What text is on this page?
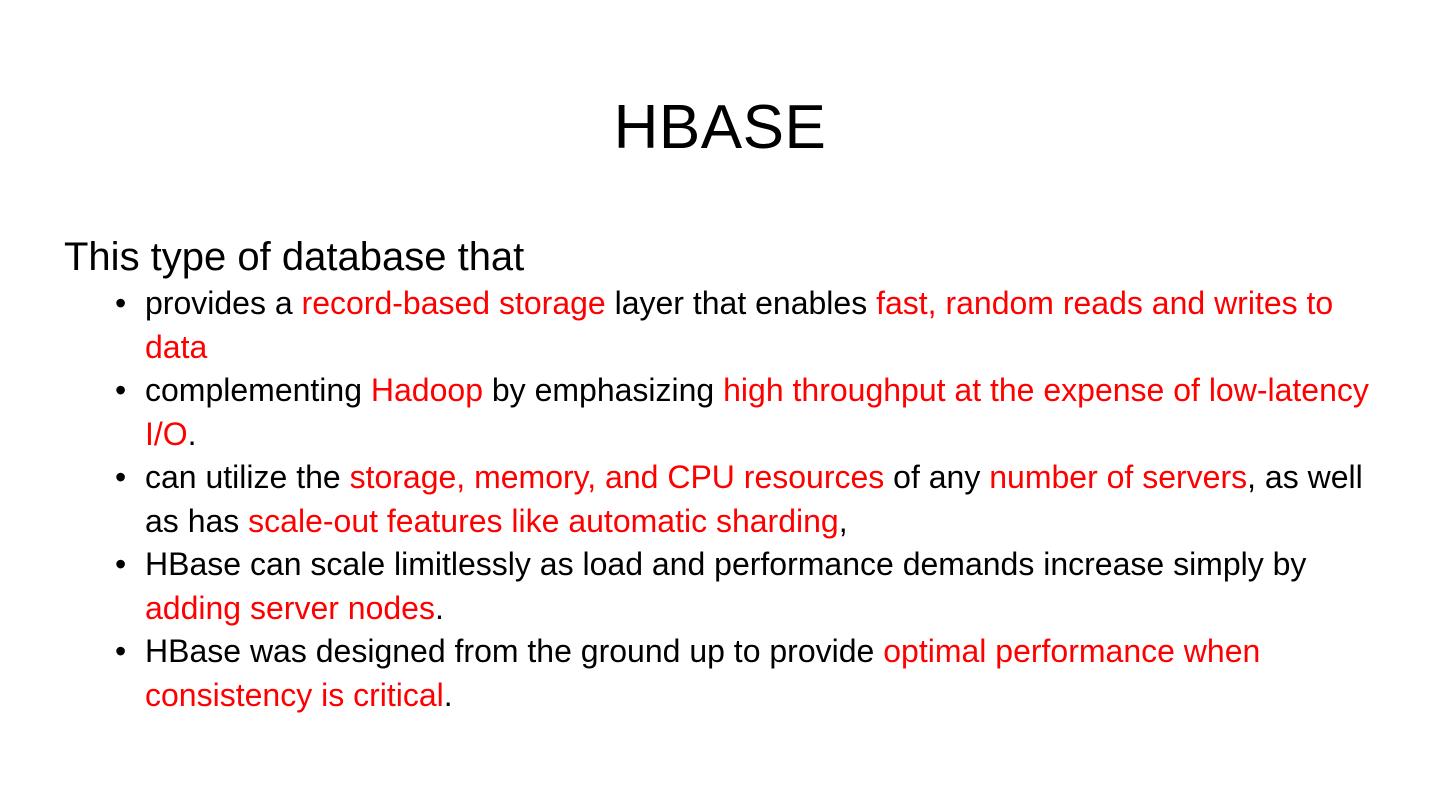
HBASE
This type of database that
• provides a record-based storage layer that enables fast, random reads and writes to data
• complementing Hadoop by emphasizing high throughput at the expense of low-latency I/O.
• can utilize the storage, memory, and CPU resources of any number of servers, as well as has scale-out features like automatic sharding,
• HBase can scale limitlessly as load and performance demands increase simply by adding server nodes.
• HBase was designed from the ground up to provide optimal performance when consistency is critical.
